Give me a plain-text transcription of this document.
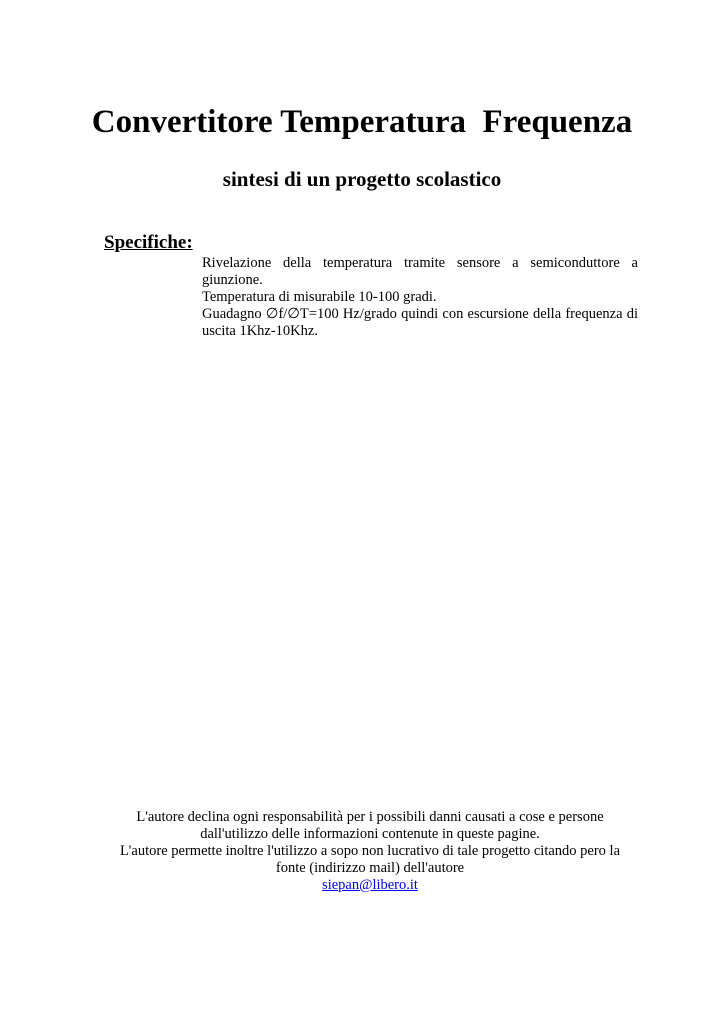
Convertitore Temperatura  Frequenza
sintesi di un progetto scolastico
Specifiche:

Rivelazione della temperatura tramite sensore a semiconduttore a giunzione.

Temperatura di misurabile 10-100 gradi.

Guadagno ∅f/∅T=100 Hz/grado quindi con escursione della frequenza di uscita 1Khz-10Khz.

L'autore declina ogni responsabilità per i possibili danni causati a cose e persone

dall'utilizzo delle informazioni contenute in queste pagine.

L'autore permette inoltre l'utilizzo a sopo non lucrativo di tale progetto citando pero la

fonte (indirizzo mail) dell'autore

siepan@libero.it
